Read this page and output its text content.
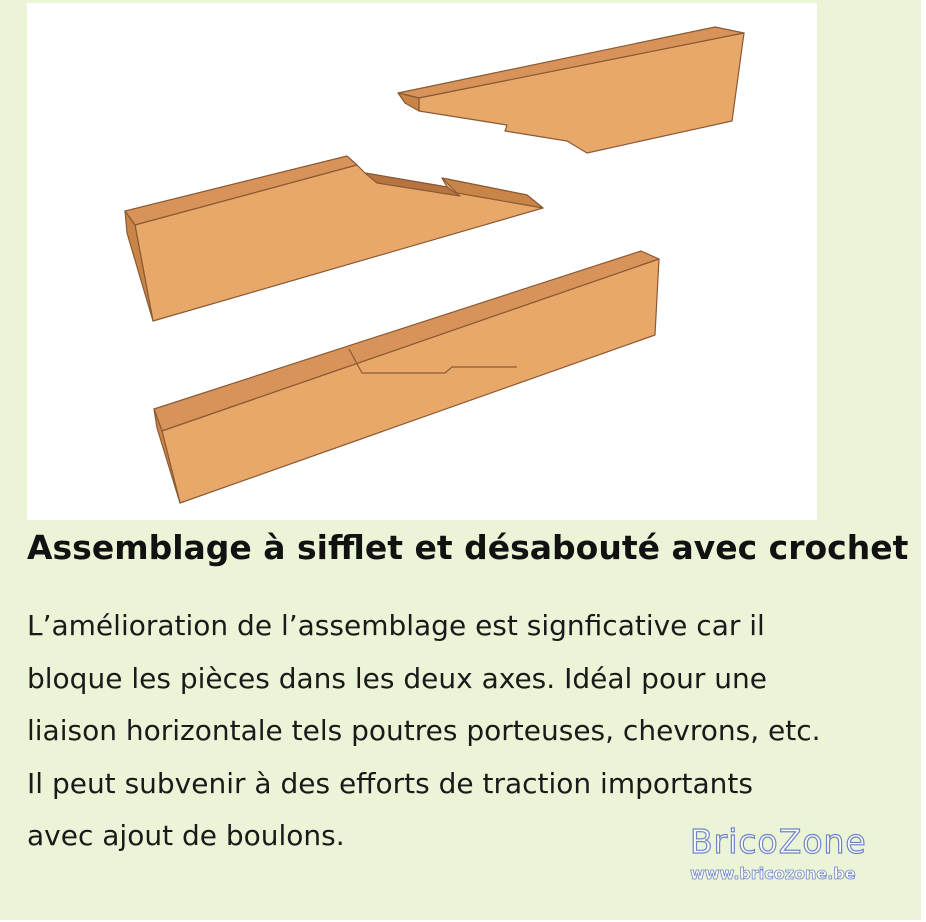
Assemblage à sifflet et désabouté avec crochet

L’amélioration de l’assemblage est signficative car il
bloque les pièces dans les deux axes. Idéal pour une
liaison horizontale tels poutres porteuses, chevrons, etc.
Il peut subvenir à des efforts de traction importants
avec ajout de boulons.	BricoZone
www.bricozone.be
